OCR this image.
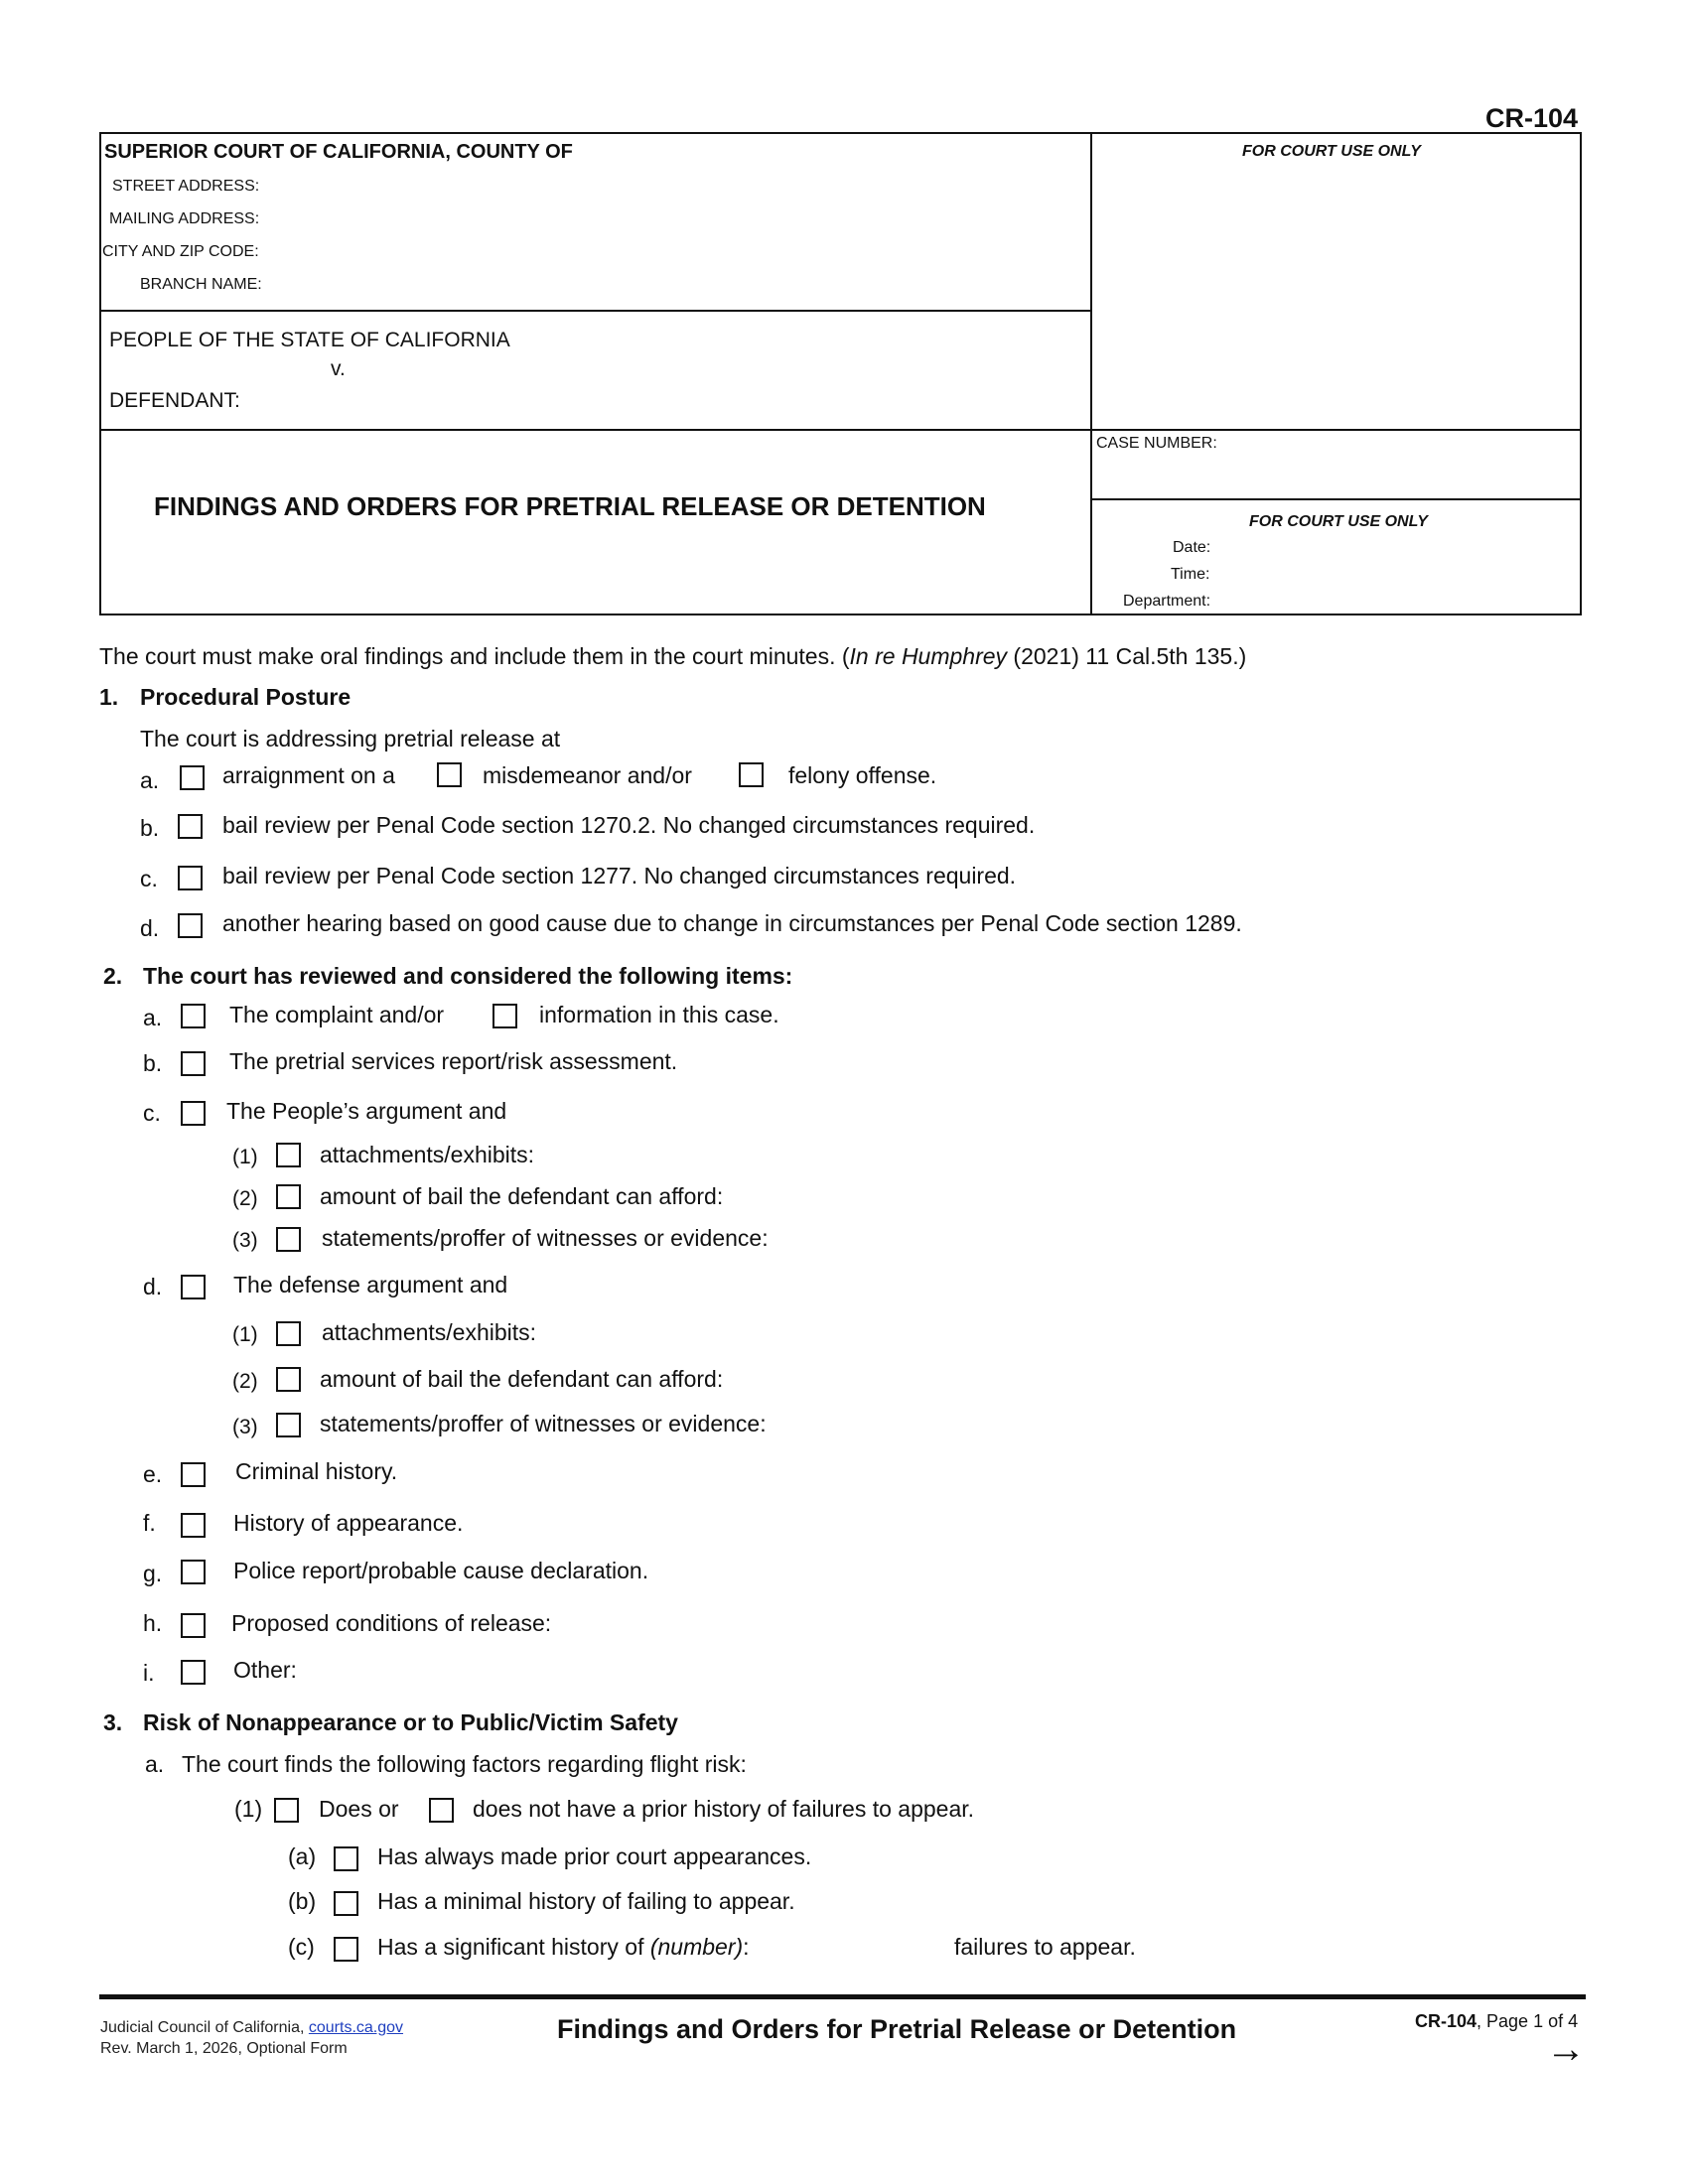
CR-104
SUPERIOR COURT OF CALIFORNIA, COUNTY OF
STREET ADDRESS:
MAILING ADDRESS:
CITY AND ZIP CODE:
BRANCH NAME:
FOR COURT USE ONLY
PEOPLE OF THE STATE OF CALIFORNIA
v.
DEFENDANT:
CASE NUMBER:
FINDINGS AND ORDERS FOR PRETRIAL RELEASE OR DETENTION
FOR COURT USE ONLY
Date:
Time:
Department:
The court must make oral findings and include them in the court minutes. (In re Humphrey (2021) 11 Cal.5th 135.)
1. Procedural Posture
The court is addressing pretrial release at
a.	arraignment on a	misdemeanor and/or	felony offense.
b.	bail review per Penal Code section 1270.2. No changed circumstances required.
c.	bail review per Penal Code section 1277. No changed circumstances required.
d.	another hearing based on good cause due to change in circumstances per Penal Code section 1289.
2. The court has reviewed and considered the following items:
a.	The complaint and/or	information in this case.
b.	The pretrial services report/risk assessment.
c.	The People’s argument and
(1)	attachments/exhibits:
(2)	amount of bail the defendant can afford:
(3)	statements/proffer of witnesses or evidence:
d.	The defense argument and
(1)	attachments/exhibits:
(2)	amount of bail the defendant can afford:
(3)	statements/proffer of witnesses or evidence:
e.	Criminal history.
f.	History of appearance.
g.	Police report/probable cause declaration.
h.	Proposed conditions of release:
i.	Other:
3. Risk of Nonappearance or to Public/Victim Safety
a. The court finds the following factors regarding flight risk:
(1) Does or	does not have a prior history of failures to appear.
(a)	Has always made prior court appearances.
(b)	Has a minimal history of failing to appear.
(c)	Has a significant history of (number):	failures to appear.
Judicial Council of California, courts.ca.gov
Rev. March 1, 2026, Optional Form
Findings and Orders for Pretrial Release or Detention	CR-104, Page 1 of 4
→
